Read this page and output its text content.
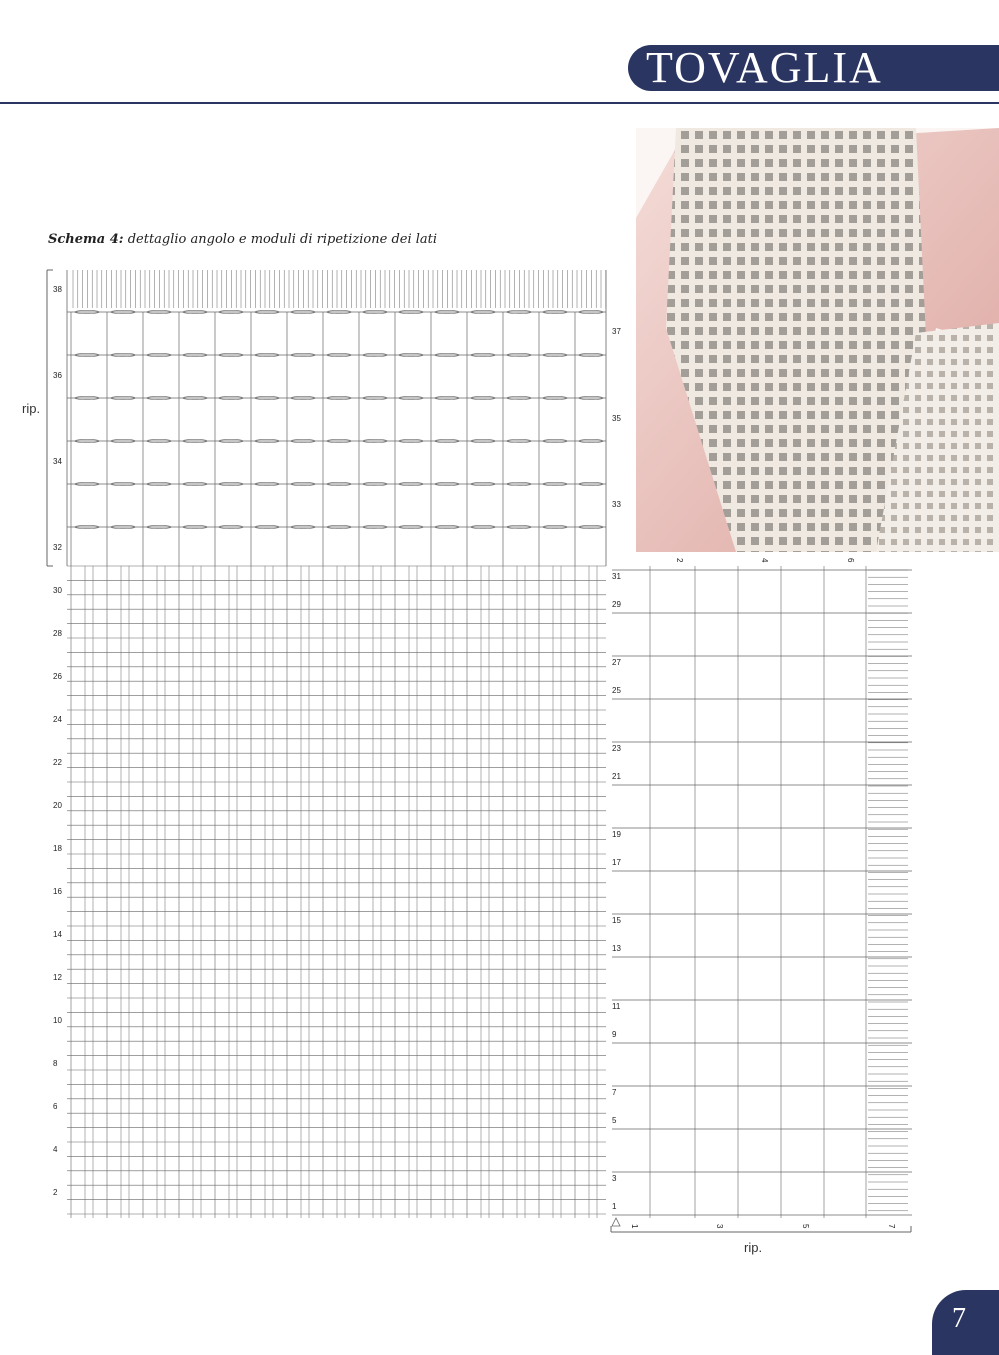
TOVAGLIA
Schema 4: dettaglio angolo e moduli di ripetizione dei lati
rip.
rip.
38
36
34
32
30
28
26
24
22
20
18
16
14
12
10
8
6
4
2
37
35
33
31
29
27
25
23
21
19
17
15
13
11
9
7
5
3
1
1	3	5	7
2	4	6
7
